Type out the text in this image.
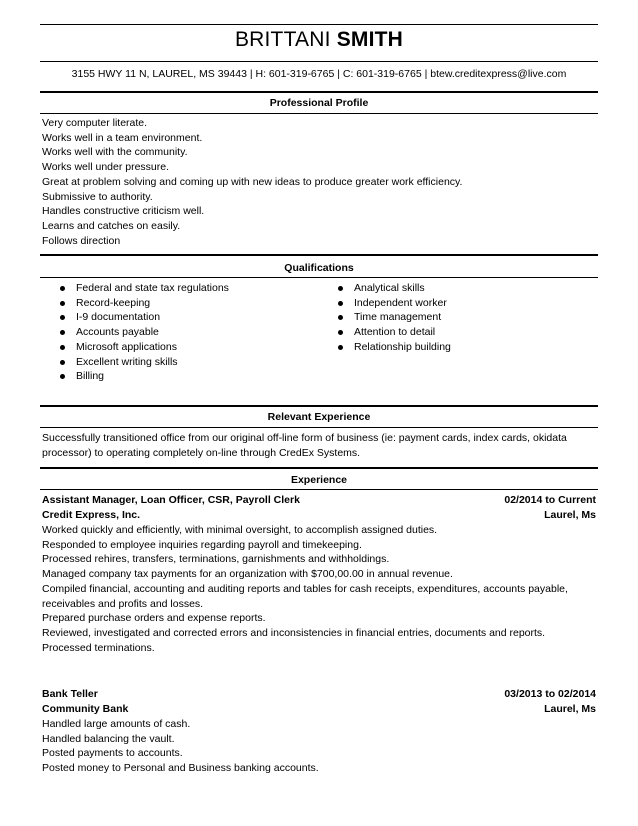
BRITTANI SMITH
3155 HWY 11 N, LAUREL, MS 39443 | H: 601-319-6765 | C: 601-319-6765 | btew.creditexpress@live.com
Professional Profile
Very computer literate.
Works well in a team environment.
Works well with the community.
Works well under pressure.
Great at problem solving and coming up with new ideas to produce greater work efficiency.
Submissive to authority.
Handles constructive criticism well.
Learns and catches on easily.
Follows direction
Qualifications
Federal and state tax regulations
Record-keeping
I-9 documentation
Accounts payable
Microsoft applications
Excellent writing skills
Billing
Analytical skills
Independent worker
Time management
Attention to detail
Relationship building
Relevant Experience
Successfully transitioned office from our original off-line form of business (ie: payment cards, index cards, okidata
processor) to operating completely on-line through CredEx Systems.
Experience
Assistant Manager, Loan Officer, CSR, Payroll Clerk	02/2014 to Current
Credit Express, Inc.	Laurel, Ms
Worked quickly and efficiently, with minimal oversight, to accomplish assigned duties.
Responded to employee inquiries regarding payroll and timekeeping.
Processed rehires, transfers, terminations, garnishments and withholdings.
Managed company tax payments for an organization with $700,00.00 in annual revenue.
Compiled financial, accounting and auditing reports and tables for cash receipts, expenditures, accounts payable,
receivables and profits and losses.
Prepared purchase orders and expense reports.
Reviewed, investigated and corrected errors and inconsistencies in financial entries, documents and reports.
Processed terminations.
Bank Teller	03/2013 to 02/2014
Community Bank	Laurel, Ms
Handled large amounts of cash.
Handled balancing the vault.
Posted payments to accounts.
Posted money to Personal and Business banking accounts.
